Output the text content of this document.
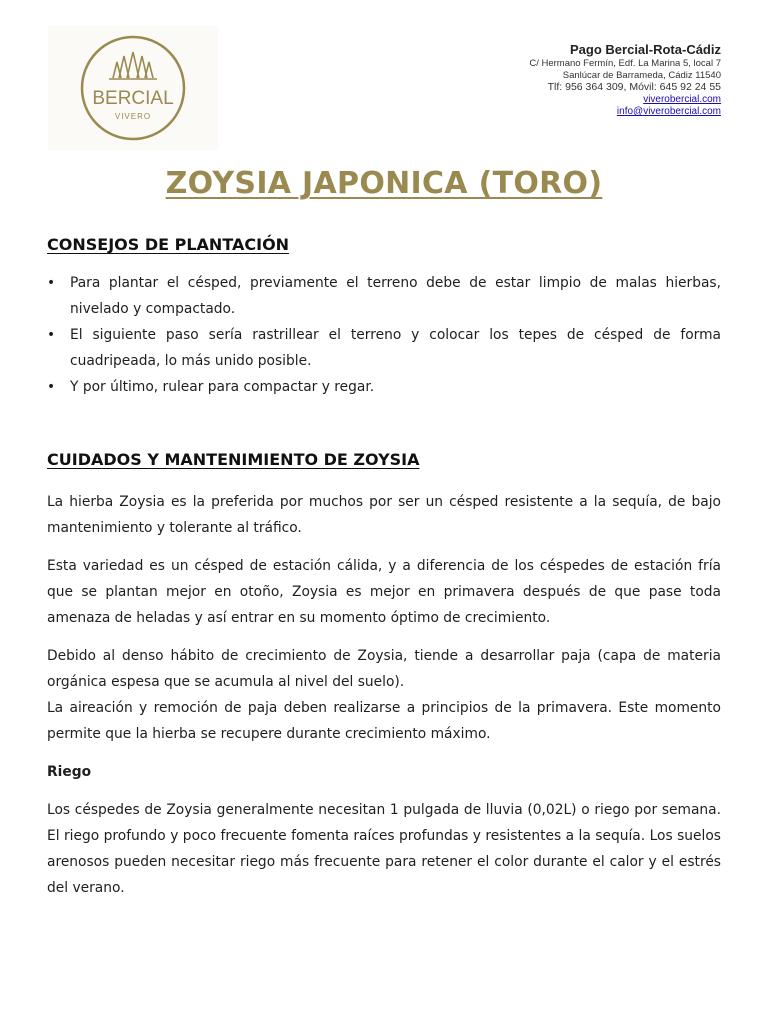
BERCIAL
VIVERO
Pago Bercial-Rota-Cádiz
C/ Hermano Fermín, Edf. La Marina 5, local 7
Sanlúcar de Barrameda, Cádiz 11540
Tlf: 956 364 309, Móvil: 645 92 24 55
viverobercial.com
info@viverobercial.com
ZOYSIA JAPONICA (TORO)
CONSEJOS DE PLANTACIÓN
• Para plantar el césped, previamente el terreno debe de estar limpio de malas hierbas, nivelado y compactado.
• El siguiente paso sería rastrillear el terreno y colocar los tepes de césped de forma cuadripeada, lo más unido posible.
• Y por último, rulear para compactar y regar.
CUIDADOS Y MANTENIMIENTO DE ZOYSIA

La hierba Zoysia es la preferida por muchos por ser un césped resistente a la sequía, de bajo mantenimiento y tolerante al tráfico.

Esta variedad es un césped de estación cálida, y a diferencia de los céspedes de estación fría que se plantan mejor en otoño, Zoysia es mejor en primavera después de que pase toda amenaza de heladas y así entrar en su momento óptimo de crecimiento.

Debido al denso hábito de crecimiento de Zoysia, tiende a desarrollar paja (capa de materia orgánica espesa que se acumula al nivel del suelo).

La aireación y remoción de paja deben realizarse a principios de la primavera. Este momento permite que la hierba se recupere durante crecimiento máximo.

Riego

Los céspedes de Zoysia generalmente necesitan 1 pulgada de lluvia (0,02L) o riego por semana. El riego profundo y poco frecuente fomenta raíces profundas y resistentes a la sequía. Los suelos arenosos pueden necesitar riego más frecuente para retener el color durante el calor y el estrés del verano.
